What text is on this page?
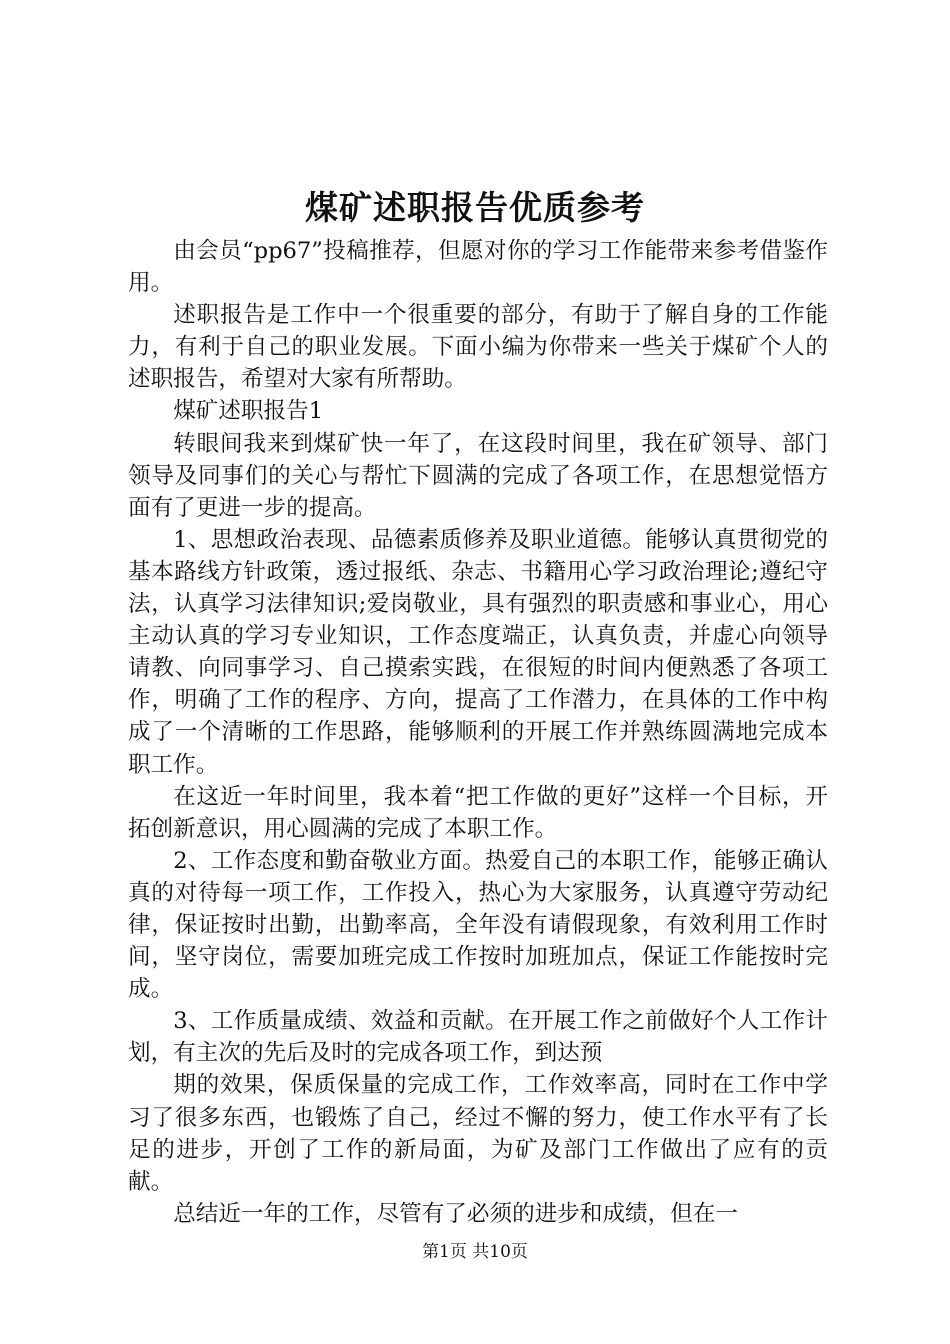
煤矿述职报告优质参考

由会员“pp67”投稿推荐，但愿对你的学习工作能带来参考借鉴作用。

述职报告是工作中一个很重要的部分，有助于了解自身的工作能力，有利于自己的职业发展。下面小编为你带来一些关于煤矿个人的述职报告，希望对大家有所帮助。

煤矿述职报告1

转眼间我来到煤矿快一年了，在这段时间里，我在矿领导、部门领导及同事们的关心与帮忙下圆满的完成了各项工作，在思想觉悟方面有了更进一步的提高。

1、思想政治表现、品德素质修养及职业道德。能够认真贯彻党的基本路线方针政策，透过报纸、杂志、书籍用心学习政治理论;遵纪守法，认真学习法律知识;爱岗敬业，具有强烈的职责感和事业心，用心主动认真的学习专业知识，工作态度端正，认真负责，并虚心向领导请教、向同事学习、自己摸索实践，在很短的时间内便熟悉了各项工作，明确了工作的程序、方向，提高了工作潜力，在具体的工作中构成了一个清晰的工作思路，能够顺利的开展工作并熟练圆满地完成本职工作。

在这近一年时间里，我本着“把工作做的更好”这样一个目标，开拓创新意识，用心圆满的完成了本职工作。

2、工作态度和勤奋敬业方面。热爱自己的本职工作，能够正确认真的对待每一项工作，工作投入，热心为大家服务，认真遵守劳动纪律，保证按时出勤，出勤率高，全年没有请假现象，有效利用工作时间，坚守岗位，需要加班完成工作按时加班加点，保证工作能按时完成。

3、工作质量成绩、效益和贡献。在开展工作之前做好个人工作计划，有主次的先后及时的完成各项工作，到达预

期的效果，保质保量的完成工作，工作效率高，同时在工作中学习了很多东西，也锻炼了自己，经过不懈的努力，使工作水平有了长足的进步，开创了工作的新局面，为矿及部门工作做出了应有的贡献。

总结近一年的工作，尽管有了必须的进步和成绩，但在一

第1页 共10页
